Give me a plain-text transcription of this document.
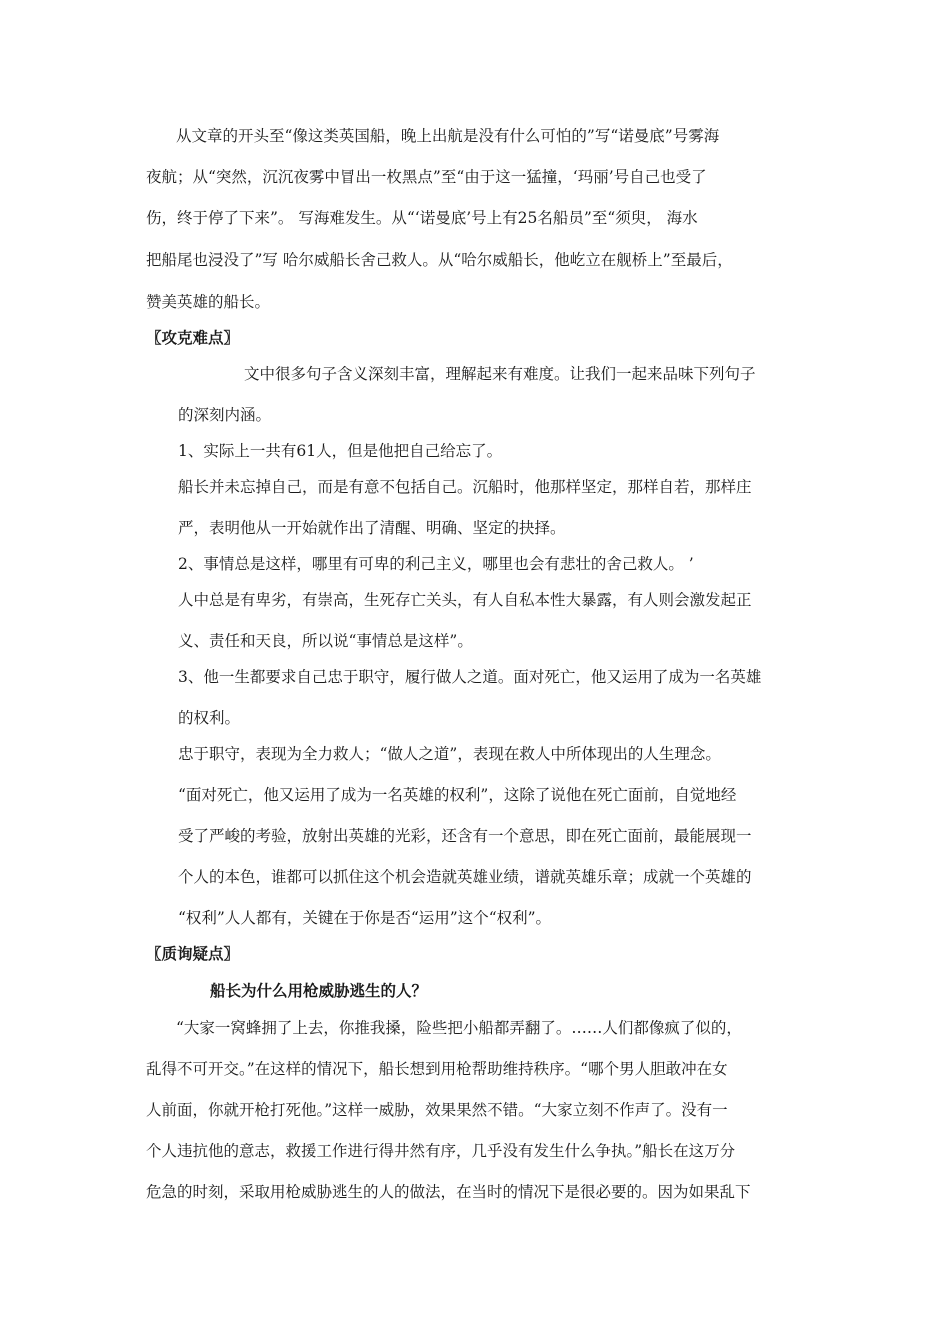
从文章的开头至“像这类英国船，晚上出航是没有什么可怕的”写“诺曼底”号雾海
夜航；从“突然，沉沉夜雾中冒出一枚黑点”至“由于这一猛撞，‘玛丽’号自己也受了
伤，终于停了下来”。 写海难发生。从“‘诺曼底’号上有25名船员”至“须臾， 海水
把船尾也浸没了”写 哈尔威船长舍己救人。从“哈尔威船长，他屹立在舰桥上”至最后，
赞美英雄的船长。
〖攻克难点〗
文中很多句子含义深刻丰富，理解起来有难度。让我们一起来品味下列句子
的深刻内涵。
1、实际上一共有61人，但是他把自己给忘了。
船长并未忘掉自己，而是有意不包括自己。沉船时，他那样坚定，那样自若，那样庄
严，表明他从一开始就作出了清醒、明确、坚定的抉择。
2、事情总是这样，哪里有可卑的利己主义，哪里也会有悲壮的舍己救人。 ’
人中总是有卑劣，有崇高，生死存亡关头，有人自私本性大暴露，有人则会激发起正
义、责任和天良，所以说“事情总是这样”。
3、他一生都要求自己忠于职守，履行做人之道。面对死亡，他又运用了成为一名英雄
的权利。
忠于职守，表现为全力救人；“做人之道”，表现在救人中所体现出的人生理念。
“面对死亡，他又运用了成为一名英雄的权利”，这除了说他在死亡面前，自觉地经
受了严峻的考验，放射出英雄的光彩，还含有一个意思，即在死亡面前，最能展现一
个人的本色，谁都可以抓住这个机会造就英雄业绩，谱就英雄乐章；成就一个英雄的
“权利”人人都有，关键在于你是否“运用”这个“权利”。
〖质询疑点〗
船长为什么用枪威胁逃生的人？
“大家一窝蜂拥了上去，你推我搡，险些把小船都弄翻了。……人们都像疯了似的，
乱得不可开交。”在这样的情况下，船长想到用枪帮助维持秩序。“哪个男人胆敢冲在女
人前面，你就开枪打死他。”这样一威胁，效果果然不错。“大家立刻不作声了。没有一
个人违抗他的意志，救援工作进行得井然有序，几乎没有发生什么争执。”船长在这万分
危急的时刻，采取用枪威胁逃生的人的做法，在当时的情况下是很必要的。因为如果乱下
